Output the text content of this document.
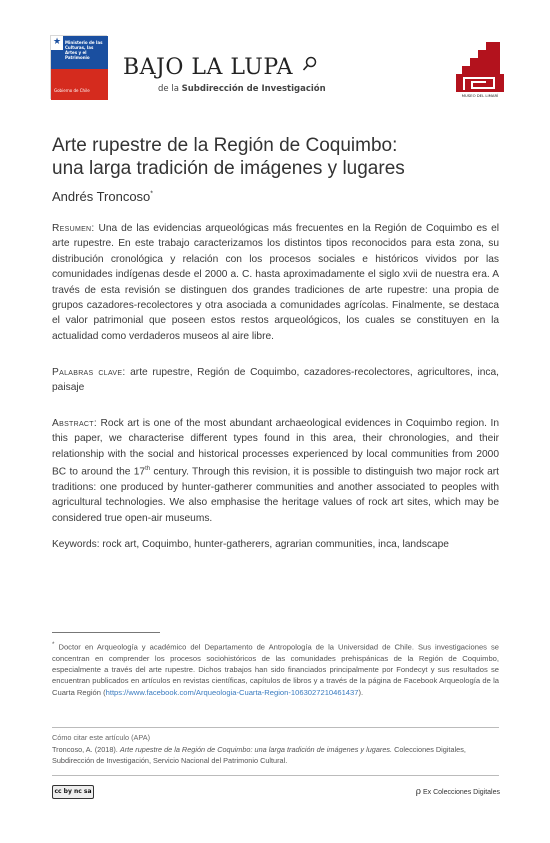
★ Ministerio de las Culturas, las Artes y el Patrimonio
Gobierno de Chile
BAJO LA LUPA
de la Subdirección de Investigación
MUSEO DEL LIMARÍ
Arte rupestre de la Región de Coquimbo:
una larga tradición de imágenes y lugares
Andrés Troncoso*
Resumen: Una de las evidencias arqueológicas más frecuentes en la Región de Coquimbo es el arte rupestre. En este trabajo caracterizamos los distintos tipos reconocidos para esta zona, su distribución cronológica y relación con los procesos sociales e históricos vividos por las comunidades indígenas desde el 2000 a. C. hasta aproximadamente el siglo xvii de nuestra era. A través de esta revisión se distinguen dos grandes tradiciones de arte rupestre: una propia de grupos cazadores-recolectores y otra asociada a comunidades agrícolas. Finalmente, se destaca el valor patrimonial que poseen estos restos arqueológicos, los cuales se constituyen en la actualidad como verdaderos museos al aire libre.
Palabras clave: arte rupestre, Región de Coquimbo, cazadores-recolectores, agricultores, inca, paisaje
Abstract: Rock art is one of the most abundant archaeological evidences in Coquimbo region. In this paper, we characterise different types found in this area, their chronologies, and their relationship with the social and historical processes experienced by local communities from 2000 BC to around the 17th century. Through this revision, it is possible to distinguish two major rock art traditions: one produced by hunter-gatherer communities and another associated to peoples with agricultural technologies. We also emphasise the heritage values of rock art sites, which may be considered true open-air museums.
Keywords: rock art, Coquimbo, hunter-gatherers, agrarian communities, inca, landscape
* Doctor en Arqueología y académico del Departamento de Antropología de la Universidad de Chile. Sus investigaciones se concentran en comprender los procesos sociohistóricos de las comunidades prehispánicas de la Región de Coquimbo, especialmente a través del arte rupestre. Dichos trabajos han sido financiados principalmente por Fondecyt y sus resultados se encuentran publicados en artículos en revistas científicas, capítulos de libros y a través de la página de Facebook Arqueología de la Cuarta Región (https://www.facebook.com/Arqueologia-Cuarta-Region-1063027210461437).
Cómo citar este artículo (APA)
Troncoso, A. (2018). Arte rupestre de la Región de Coquimbo: una larga tradición de imágenes y lugares. Colecciones Digitales, Subdirección de Investigación, Servicio Nacional del Patrimonio Cultural.
cc by nc sa	ρ Ex Colecciones Digitales
